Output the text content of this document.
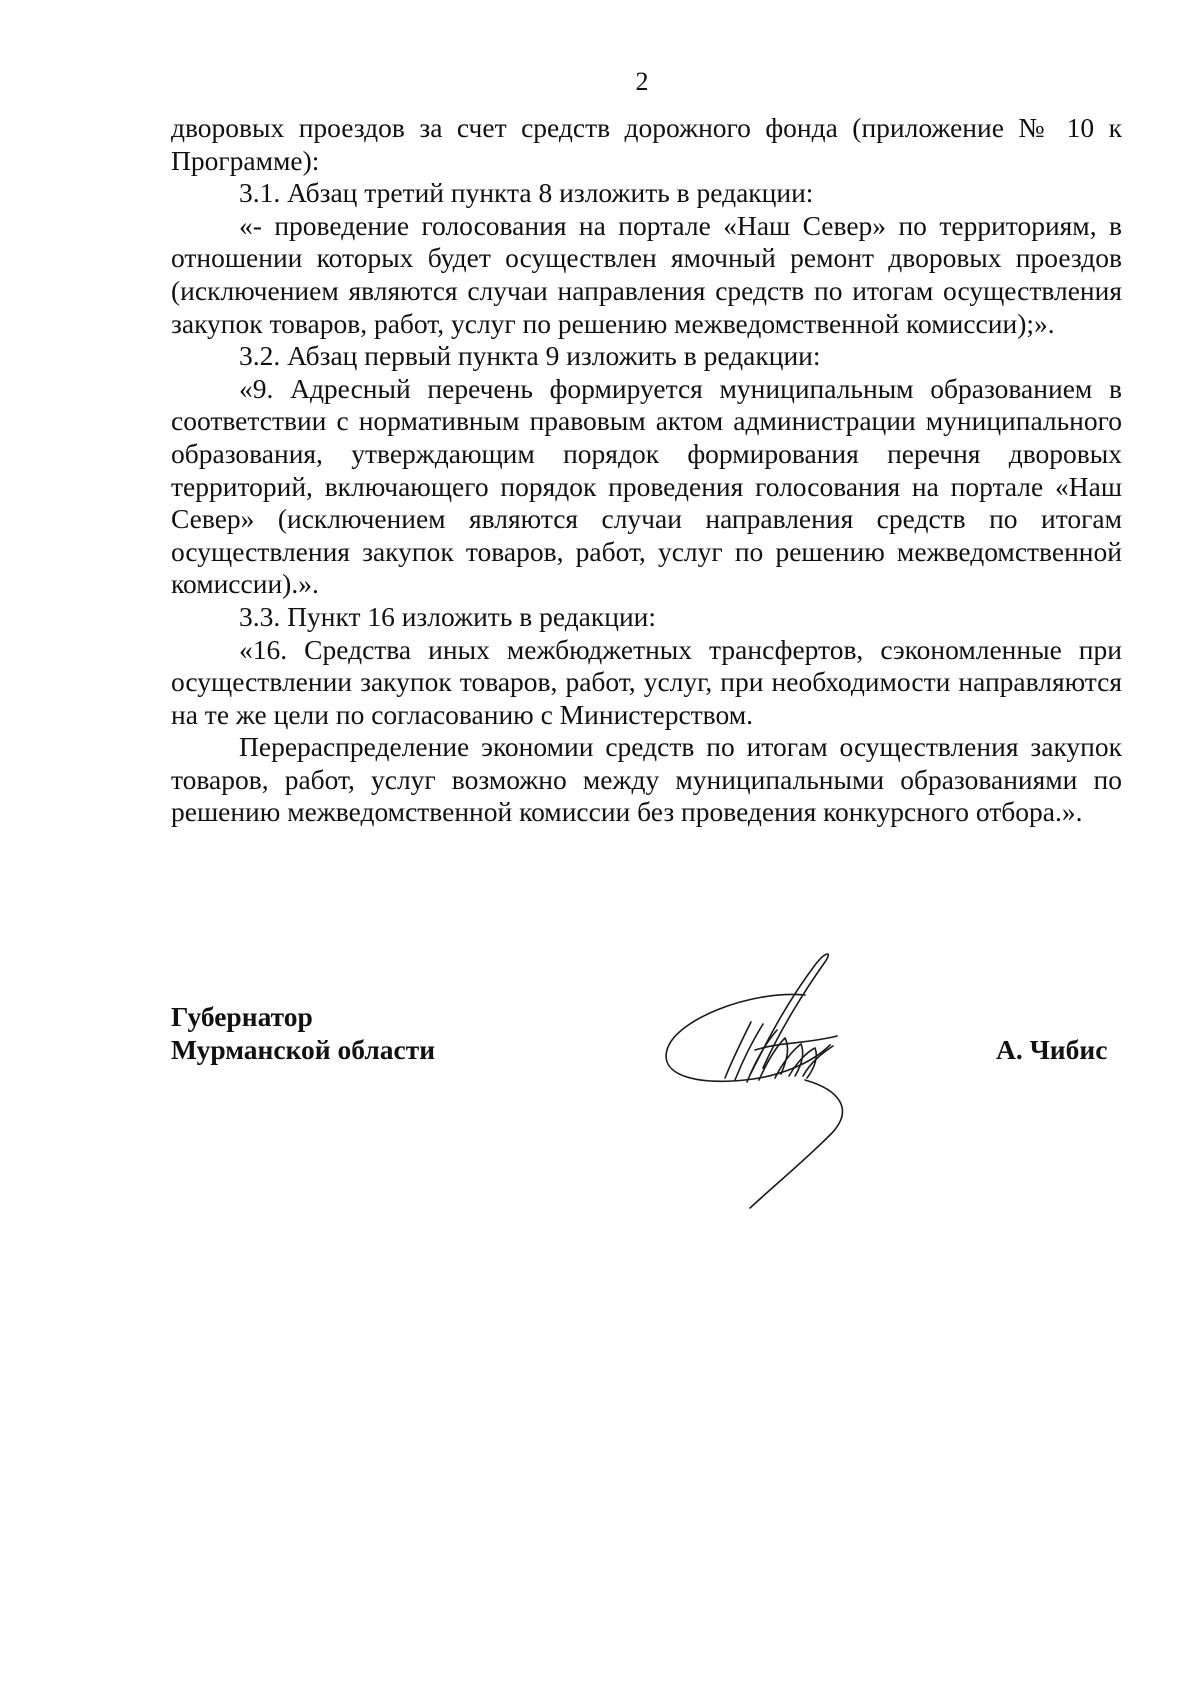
2

дворовых проездов за счет средств дорожного фонда (приложение № 10 к Программе):

3.1. Абзац третий пункта 8 изложить в редакции:

«- проведение голосования на портале «Наш Север» по территориям, в отношении которых будет осуществлен ямочный ремонт дворовых проездов (исключением являются случаи направления средств по итогам осуществления закупок товаров, работ, услуг по решению межведомственной комиссии);».

3.2. Абзац первый пункта 9 изложить в редакции:

«9. Адресный перечень формируется муниципальным образованием в соответствии с нормативным правовым актом администрации муниципального образования, утверждающим порядок формирования перечня дворовых территорий, включающего порядок проведения голосования на портале «Наш Север» (исключением являются случаи направления средств по итогам осуществления закупок товаров, работ, услуг по решению межведомственной комиссии).».

3.3. Пункт 16 изложить в редакции:

«16. Средства иных межбюджетных трансфертов, сэкономленные при осуществлении закупок товаров, работ, услуг, при необходимости направляются на те же цели по согласованию с Министерством.

Перераспределение экономии средств по итогам осуществления закупок товаров, работ, услуг возможно между муниципальными образованиями по решению межведомственной комиссии без проведения конкурсного отбора.».

Губернатор
Мурманской области	А. Чибис
